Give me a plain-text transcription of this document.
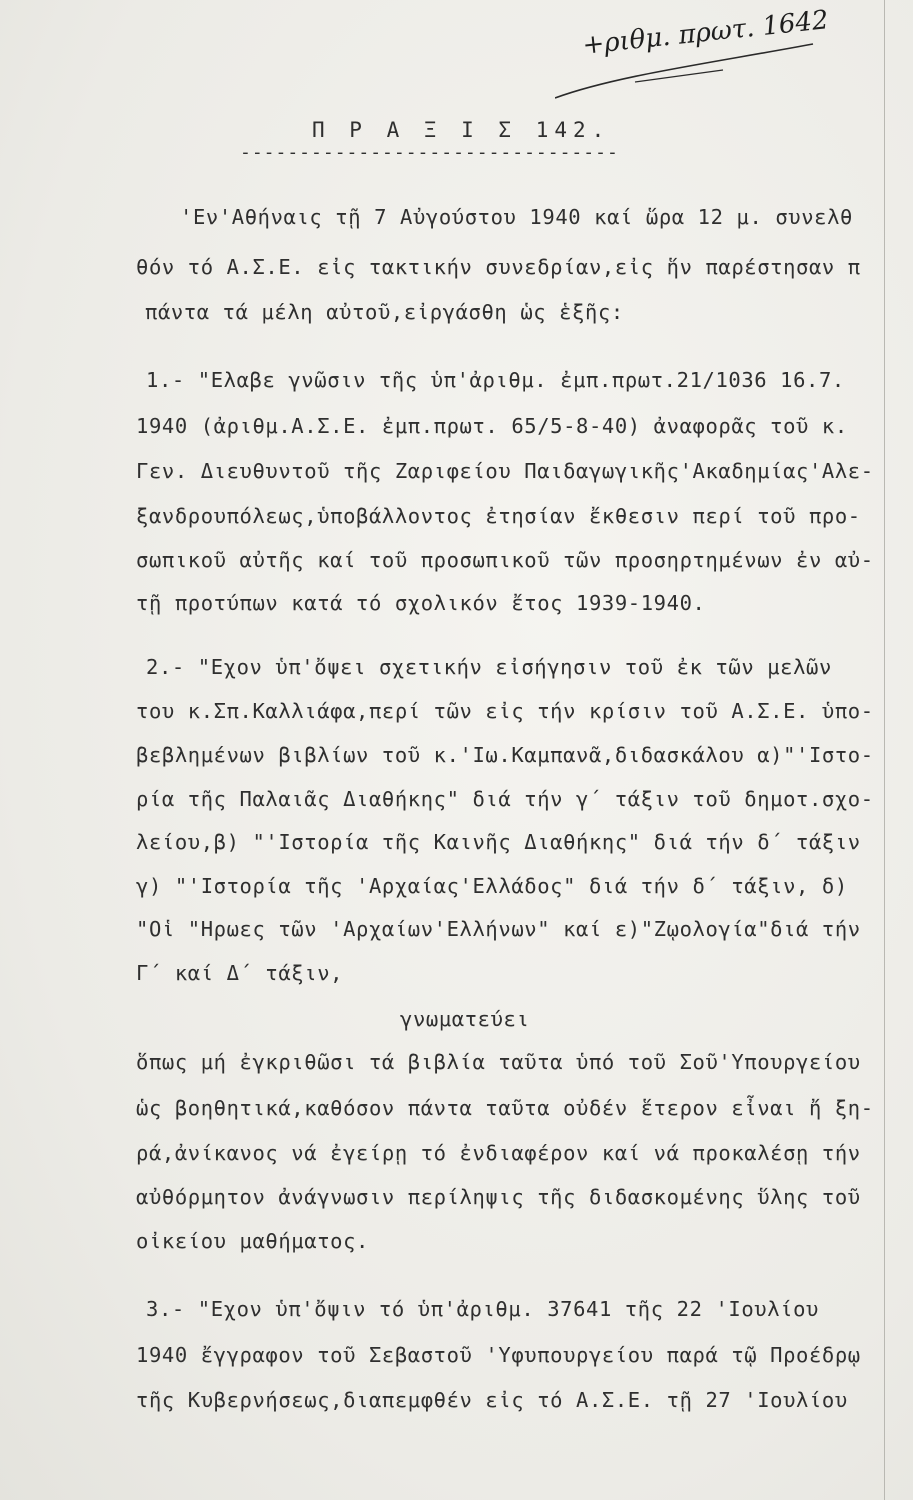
+ριθμ. πρωτ. 1642
Π Ρ Α Ξ Ι Σ 142.
--------------------------------
'Εν'Αθήναις τῇ 7 Αὐγούστου 1940 καί ὥρα 12 μ. συνελθ
θόν τό Α.Σ.Ε. εἰς τακτικήν συνεδρίαν,εἰς ἥν παρέστησαν π
πάντα τά μέλη αὐτοῦ,εἰργάσθη ὡς ἑξῆς:
1.- "Ελαβε γνῶσιν τῆς ὑπ'ἀριθμ. ἐμπ.πρωτ.21/1036 16.7.
1940 (ἀριθμ.Α.Σ.Ε. ἐμπ.πρωτ. 65/5-8-40) ἀναφορᾶς τοῦ κ.
Γεν. Διευθυντοῦ τῆς Ζαριφείου Παιδαγωγικῆς'Ακαδημίας'Αλε-
ξανδρουπόλεως,ὑποβάλλοντος ἐτησίαν ἔκθεσιν περί τοῦ προ-
σωπικοῦ αὐτῆς καί τοῦ προσωπικοῦ τῶν προσηρτημένων ἐν αὐ-
τῇ προτύπων κατά τό σχολικόν ἔτος 1939-1940.
2.- "Εχον ὑπ'ὄψει σχετικήν εἰσήγησιν τοῦ ἐκ τῶν μελῶν
του κ.Σπ.Καλλιάφα,περί τῶν εἰς τήν κρίσιν τοῦ Α.Σ.Ε. ὑπο-
βεβλημένων βιβλίων τοῦ κ.'Ιω.Καμπανᾶ,διδασκάλου α)"'Ιστο-
ρία τῆς Παλαιᾶς Διαθήκης" διά τήν γ΄ τάξιν τοῦ δημοτ.σχο-
λείου,β) "'Ιστορία τῆς Καινῆς Διαθήκης" διά τήν δ΄ τάξιν
γ) "'Ιστορία τῆς 'Αρχαίας'Ελλάδος" διά τήν δ΄ τάξιν, δ)
"Οἱ "Ηρωες τῶν 'Αρχαίων'Ελλήνων" καί ε)"Ζῳολογία"διά τήν
Γ΄ καί Δ΄ τάξιν,
γνωματεύει
ὅπως μή ἐγκριθῶσι τά βιβλία ταῦτα ὑπό τοῦ Σοῦ'Υπουργείου
ὡς βοηθητικά,καθόσον πάντα ταῦτα οὐδέν ἕτερον εἶναι ἤ ξη-
ρά,ἀνίκανος νά ἐγείρῃ τό ἐνδιαφέρον καί νά προκαλέσῃ τήν
αὐθόρμητον ἀνάγνωσιν περίληψις τῆς διδασκομένης ὕλης τοῦ
οἰκείου μαθήματος.
3.- "Εχον ὑπ'ὄψιν τό ὑπ'ἀριθμ. 37641 τῆς 22 'Ιουλίου
1940 ἔγγραφον τοῦ Σεβαστοῦ 'Υφυπουργείου παρά τῷ Προέδρῳ
τῆς Κυβερνήσεως,διαπεμφθέν εἰς τό Α.Σ.Ε. τῇ 27 'Ιουλίου
